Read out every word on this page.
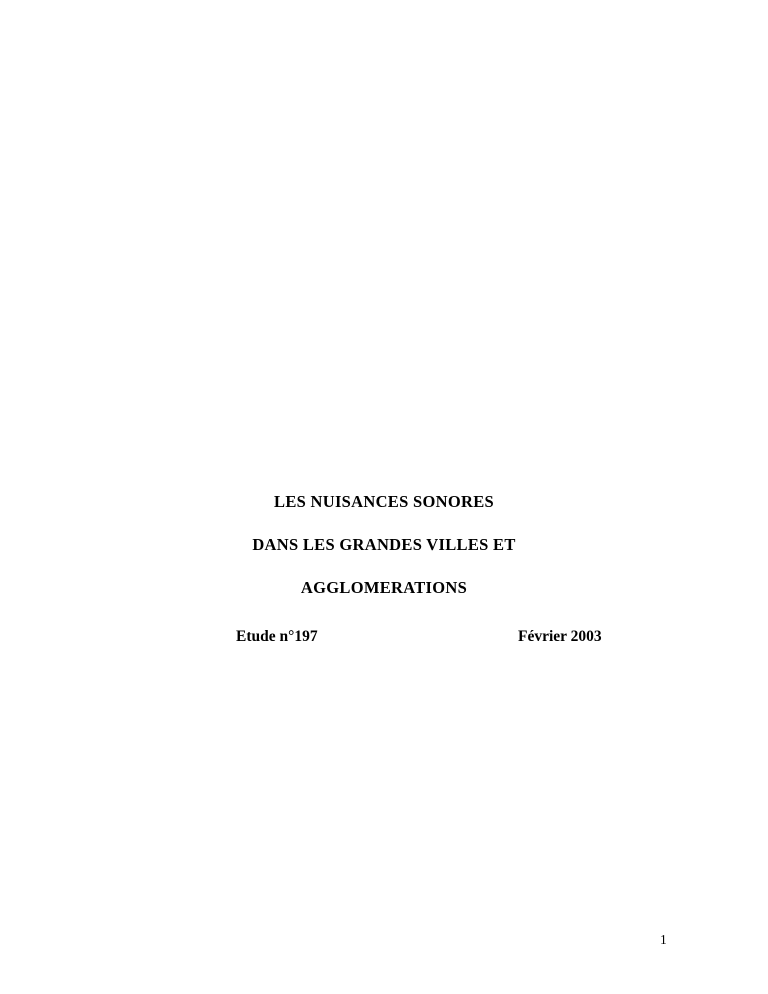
LES NUISANCES SONORES
DANS LES GRANDES VILLES ET
AGGLOMERATIONS
Etude n°197	Février 2003
1
